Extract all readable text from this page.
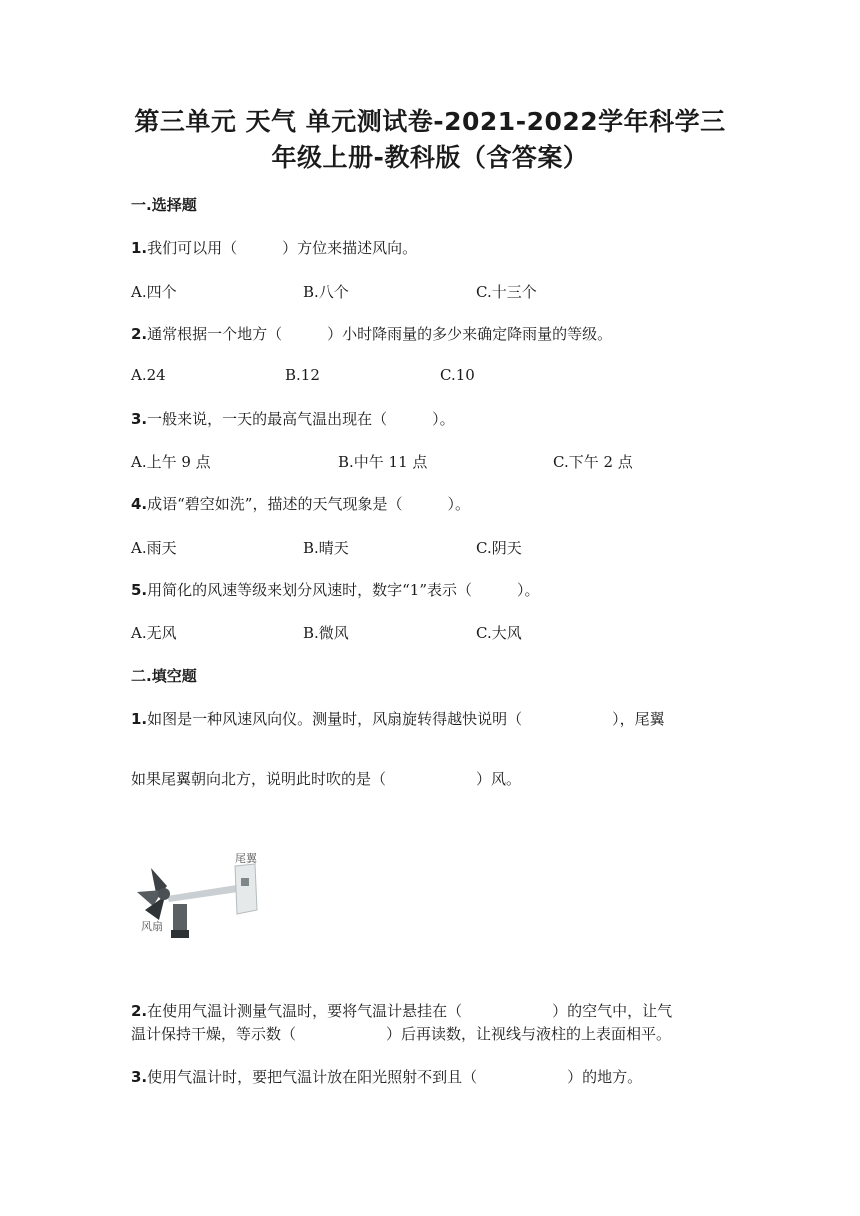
第三单元 天气 单元测试卷-2021-2022学年科学三
年级上册-教科版（含答案）
一.选择题
1.我们可以用（　　　）方位来描述风向。
A.四个	B.八个	C.十三个
2.通常根据一个地方（　　　）小时降雨量的多少来确定降雨量的等级。
A.24	B.12	C.10
3.一般来说，一天的最高气温出现在（　　　）。
A.上午 9 点	B.中午 11 点	C.下午 2 点
4.成语“碧空如洗”，描述的天气现象是（　　　）。
A.雨天	B.晴天	C.阴天
5.用简化的风速等级来划分风速时，数字“1”表示（　　　）。
A.无风	B.微风	C.大风
二.填空题
1.如图是一种风速风向仪。测量时，风扇旋转得越快说明（　　　　　　），尾翼
如果尾翼朝向北方，说明此时吹的是（　　　　　　）风。
尾翼
风扇
2.在使用气温计测量气温时，要将气温计悬挂在（　　　　　　）的空气中，让气
温计保持干燥，等示数（　　　　　　）后再读数，让视线与液柱的上表面相平。
3.使用气温计时，要把气温计放在阳光照射不到且（　　　　　　）的地方。
